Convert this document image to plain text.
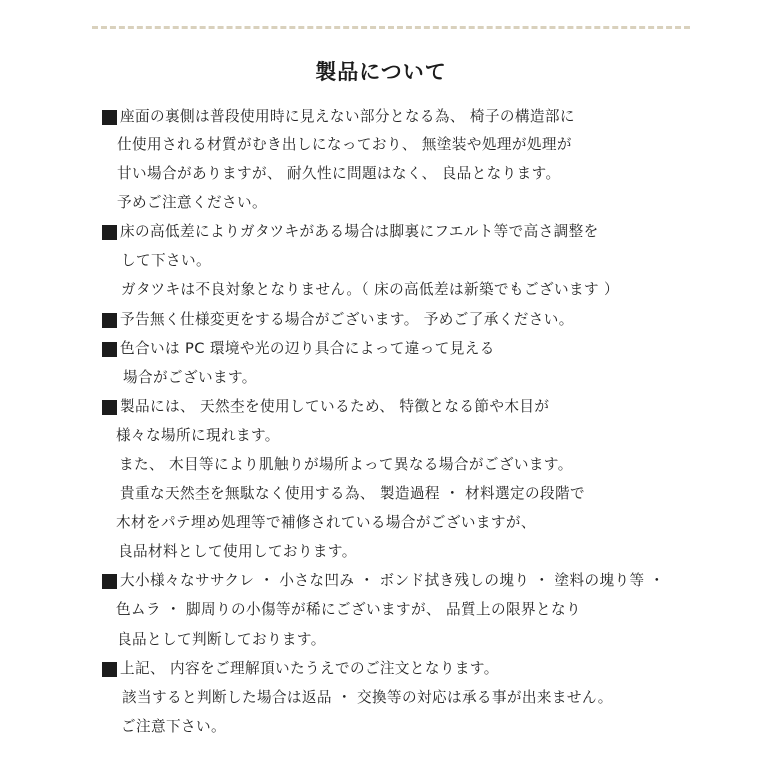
製品について
座面の裏側は普段使用時に見えない部分となる為、 椅子の構造部に
仕使用される材質がむき出しになっており、 無塗装や処理が処理が
甘い場合がありますが、 耐久性に問題はなく、 良品となります。
予めご注意ください。
床の高低差によりガタツキがある場合は脚裏にフエルト等で高さ調整を
して下さい。
ガタツキは不良対象となりません。（ 床の高低差は新築でもございます ）
予告無く仕様変更をする場合がございます。 予めご了承ください。
色合いは PC 環境や光の辺り具合によって違って見える
場合がございます。
製品には、 天然杢を使用しているため、 特徴となる節や木目が
様々な場所に現れます。
また、 木目等により肌触りが場所よって異なる場合がございます。
貴重な天然杢を無駄なく使用する為、 製造過程 ・ 材料選定の段階で
木材をパテ埋め処理等で補修されている場合がございますが、
良品材料として使用しております。
大小様々なササクレ ・ 小さな凹み ・ ボンド拭き残しの塊り ・ 塗料の塊り等 ・
色ムラ ・ 脚周りの小傷等が稀にございますが、 品質上の限界となり
良品として判断しております。
上記、 内容をご理解頂いたうえでのご注文となります。
該当すると判断した場合は返品 ・ 交換等の対応は承る事が出来ません。
ご注意下さい。
